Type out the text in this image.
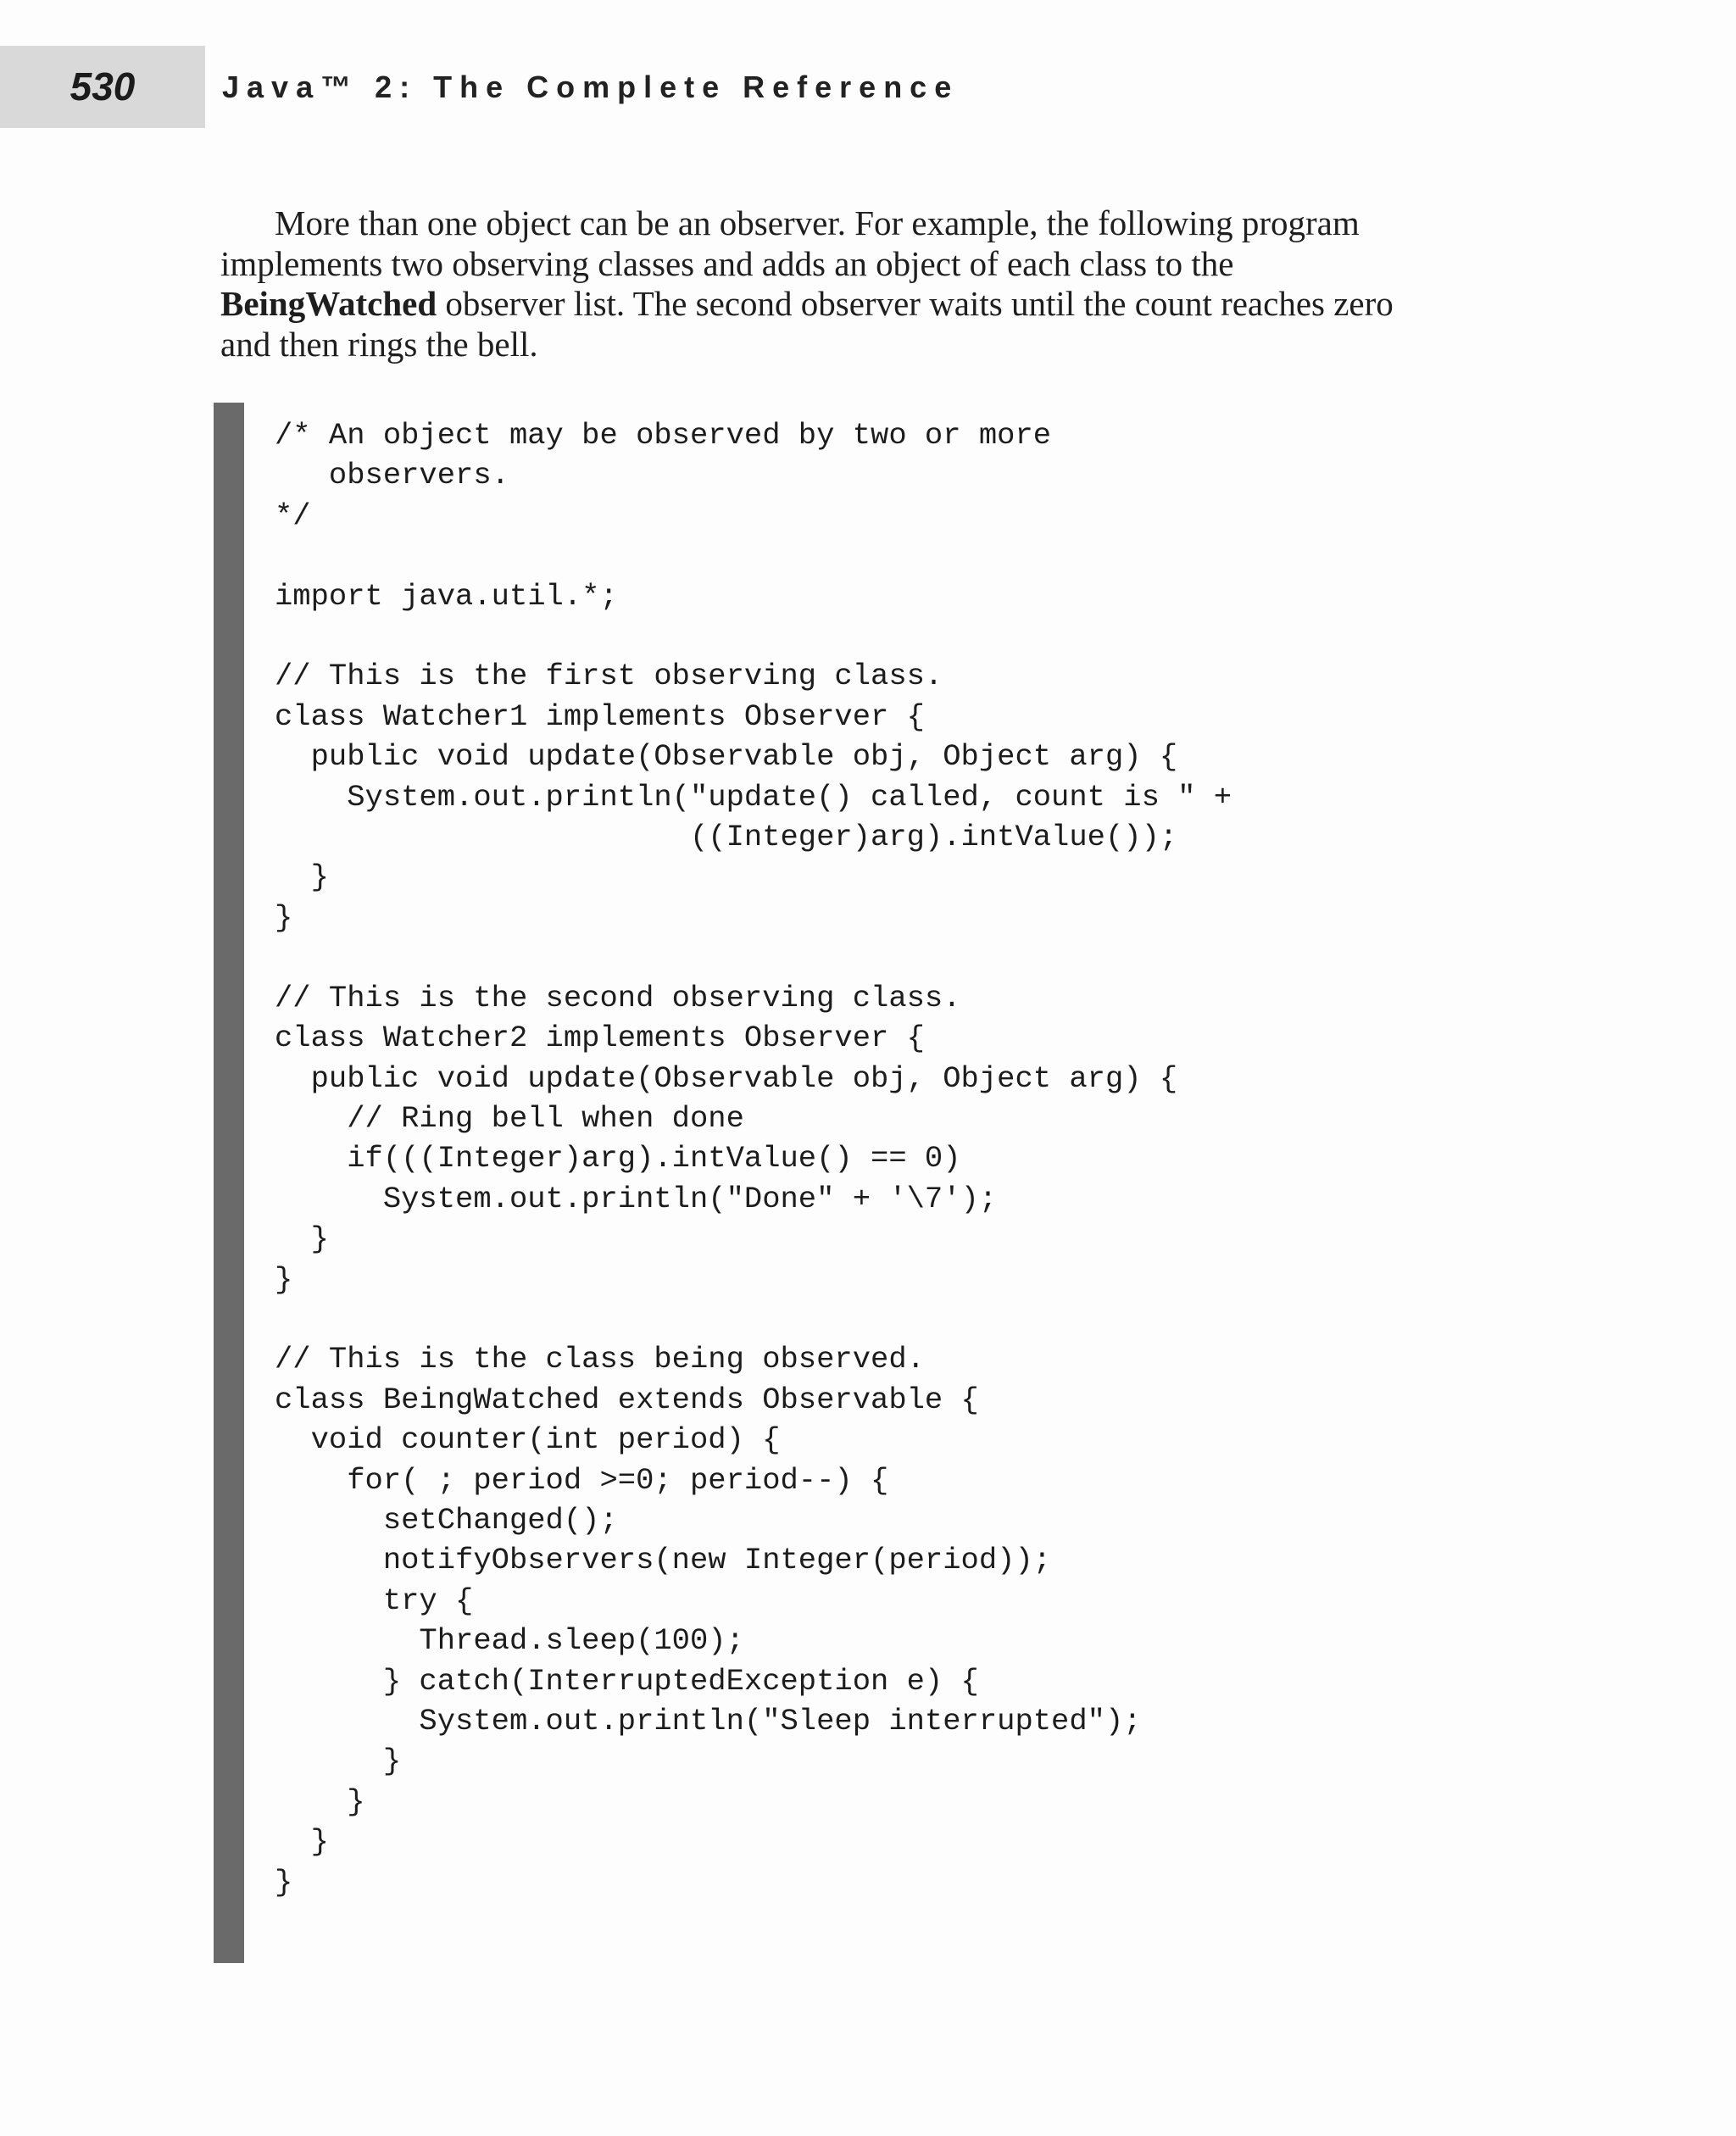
530	Java™ 2: The Complete Reference

More than one object can be an observer. For example, the following program implements two observing classes and adds an object of each class to the BeingWatched observer list. The second observer waits until the count reaches zero and then rings the bell.

/* An object may be observed by two or more
observers.
*/

import java.util.*;

// This is the first observing class.
class Watcher1 implements Observer {
public void update(Observable obj, Object arg) {
System.out.println("update() called, count is " +
((Integer)arg).intValue());
}
}

// This is the second observing class.
class Watcher2 implements Observer {
public void update(Observable obj, Object arg) {
// Ring bell when done
if(((Integer)arg).intValue() == 0)
System.out.println("Done" + '\7');
}
}

// This is the class being observed.
class BeingWatched extends Observable {
void counter(int period) {
for( ; period >=0; period--) {
setChanged();
notifyObservers(new Integer(period));
try {
Thread.sleep(100);
} catch(InterruptedException e) {
System.out.println("Sleep interrupted");
}
}
}
}
